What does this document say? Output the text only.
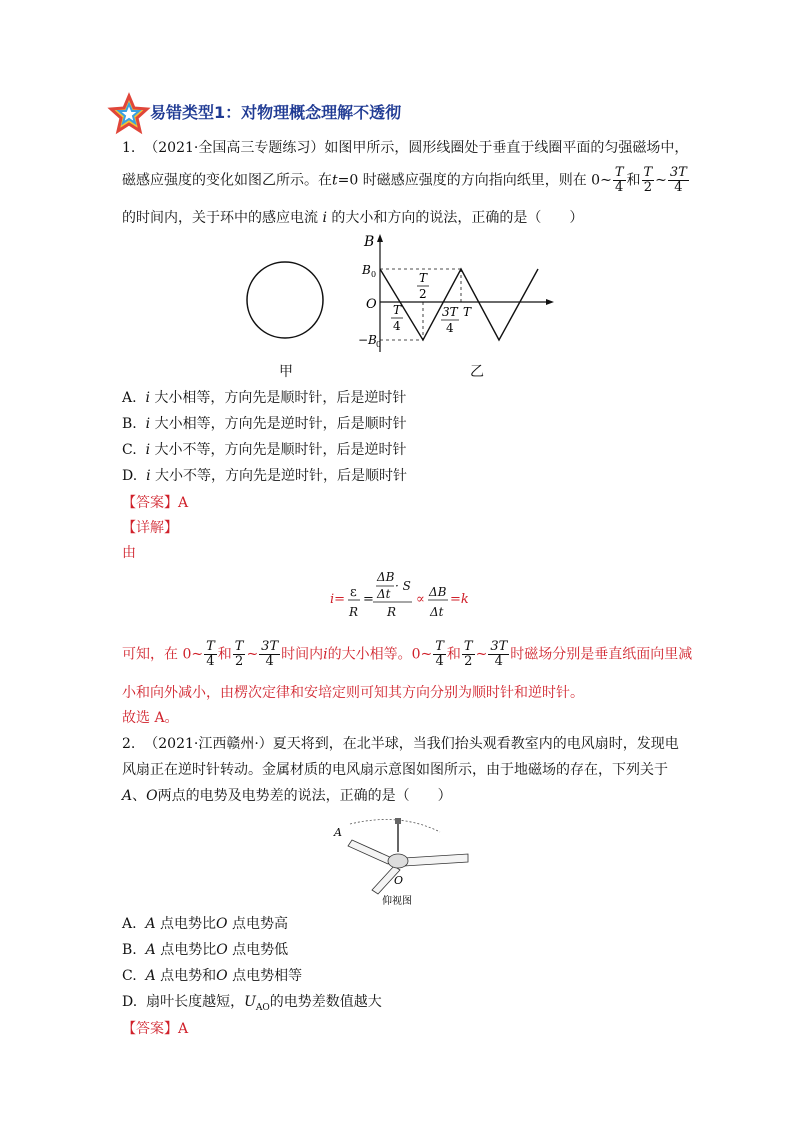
易错类型1：对物理概念理解不透彻
1. （2021·全国高三专题练习）如图甲所示，圆形线圈处于垂直于线圈平面的匀强磁场中，
磁感应强度的变化如图乙所示。在t=0 时磁感应强度的方向指向纸里，则在 0~ $\frac{T}{4}$ 和 $\frac{T}{2}$ ~ $\frac{3T}{4}$
的时间内，关于环中的感应电流 i 的大小和方向的说法，正确的是（　　）
甲
B
B 0
O
−B 0
T
4
T
2
3T
4
T
乙
A. i 大小相等，方向先是顺时针，后是逆时针
B. i 大小相等，方向先是逆时针，后是顺时针
C. i 大小不等，方向先是顺时针，后是逆时针
D. i 大小不等，方向先是逆时针，后是顺时针
【答案】A
【详解】
由
i= ε
R
=
ΔB
· S
Δt
R
∝ ΔB
Δt
=k
可知，在 0~ $\frac{T}{4}$ 和 $\frac{T}{2}$ ~ $\frac{3T}{4}$ 时间内i的大小相等。0~ $\frac{T}{4}$ 和 $\frac{T}{2}$ ~ $\frac{3T}{4}$ 时磁场分别是垂直纸面向里减
小和向外减小，由楞次定律和安培定则可知其方向分别为顺时针和逆时针。
故选 A。
2. （2021·江西赣州·）夏天将到，在北半球，当我们抬头观看教室内的电风扇时，发现电
风扇正在逆时针转动。金属材质的电风扇示意图如图所示，由于地磁场的存在，下列关于
A、O两点的电势及电势差的说法，正确的是（　　）
A
O
仰视图
A. A 点电势比O 点电势高
B. A 点电势比O 点电势低
C. A 点电势和O 点电势相等
D. 扇叶长度越短，$U_{AO}$的电势差数值越大
【答案】A
